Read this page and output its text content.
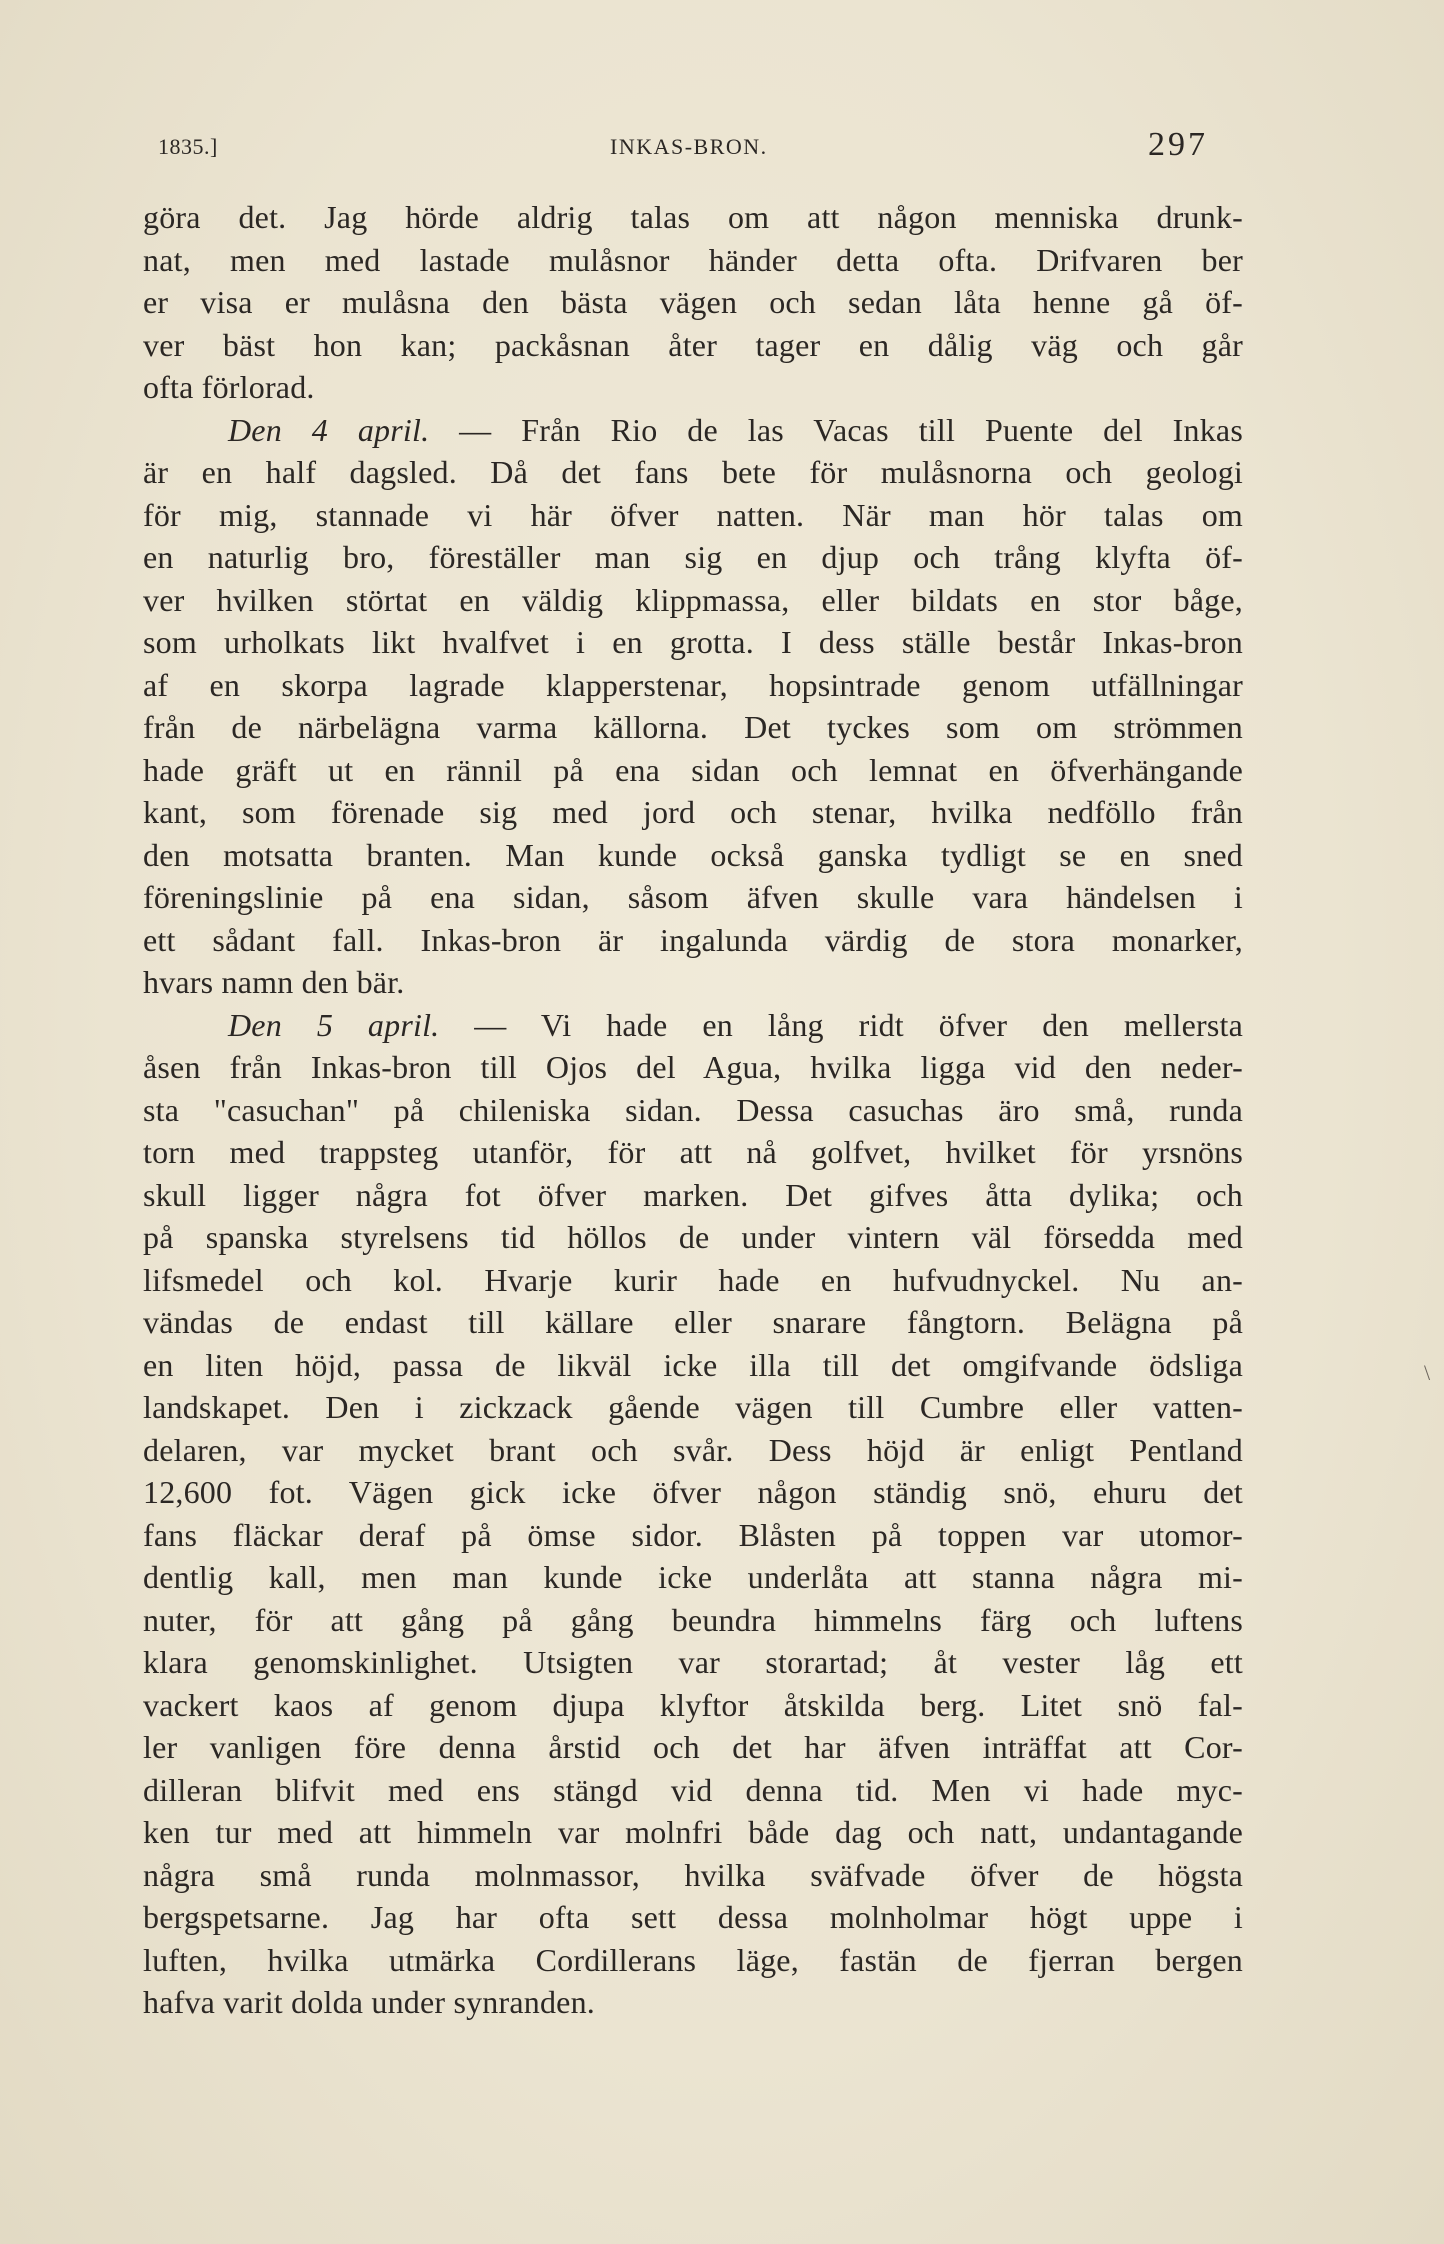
1835.]	INKAS-BRON.	297
göra det. Jag hörde aldrig talas om att någon menniska drunk-
nat, men med lastade mulåsnor händer detta ofta. Drifvaren ber
er visa er mulåsna den bästa vägen och sedan låta henne gå öf-
ver bäst hon kan; packåsnan åter tager en dålig väg och går
ofta förlorad.
Den 4 april. — Från Rio de las Vacas till Puente del Inkas
är en half dagsled. Då det fans bete för mulåsnorna och geologi
för mig, stannade vi här öfver natten. När man hör talas om
en naturlig bro, föreställer man sig en djup och trång klyfta öf-
ver hvilken störtat en väldig klippmassa, eller bildats en stor båge,
som urholkats likt hvalfvet i en grotta. I dess ställe består Inkas-bron
af en skorpa lagrade klapperstenar, hopsintrade genom utfällningar
från de närbelägna varma källorna. Det tyckes som om strömmen
hade gräft ut en rännil på ena sidan och lemnat en öfverhängande
kant, som förenade sig med jord och stenar, hvilka nedföllo från
den motsatta branten. Man kunde också ganska tydligt se en sned
föreningslinie på ena sidan, såsom äfven skulle vara händelsen i
ett sådant fall. Inkas-bron är ingalunda värdig de stora monarker,
hvars namn den bär.
Den 5 april. — Vi hade en lång ridt öfver den mellersta
åsen från Inkas-bron till Ojos del Agua, hvilka ligga vid den neder-
sta "casuchan" på chileniska sidan. Dessa casuchas äro små, runda
torn med trappsteg utanför, för att nå golfvet, hvilket för yrsnöns
skull ligger några fot öfver marken. Det gifves åtta dylika; och
på spanska styrelsens tid höllos de under vintern väl försedda med
lifsmedel och kol. Hvarje kurir hade en hufvudnyckel. Nu an-
vändas de endast till källare eller snarare fångtorn. Belägna på
en liten höjd, passa de likväl icke illa till det omgifvande ödsliga
landskapet. Den i zickzack gående vägen till Cumbre eller vatten-
delaren, var mycket brant och svår. Dess höjd är enligt Pentland
12,600 fot. Vägen gick icke öfver någon ständig snö, ehuru det
fans fläckar deraf på ömse sidor. Blåsten på toppen var utomor-
dentlig kall, men man kunde icke underlåta att stanna några mi-
nuter, för att gång på gång beundra himmelns färg och luftens
klara genomskinlighet. Utsigten var storartad; åt vester låg ett
vackert kaos af genom djupa klyftor åtskilda berg. Litet snö fal-
ler vanligen före denna årstid och det har äfven inträffat att Cor-
dilleran blifvit med ens stängd vid denna tid. Men vi hade myc-
ken tur med att himmeln var molnfri både dag och natt, undantagande
några små runda molnmassor, hvilka sväfvade öfver de högsta
bergspetsarne. Jag har ofta sett dessa molnholmar högt uppe i
luften, hvilka utmärka Cordillerans läge, fastän de fjerran bergen
hafva varit dolda under synranden.
\
